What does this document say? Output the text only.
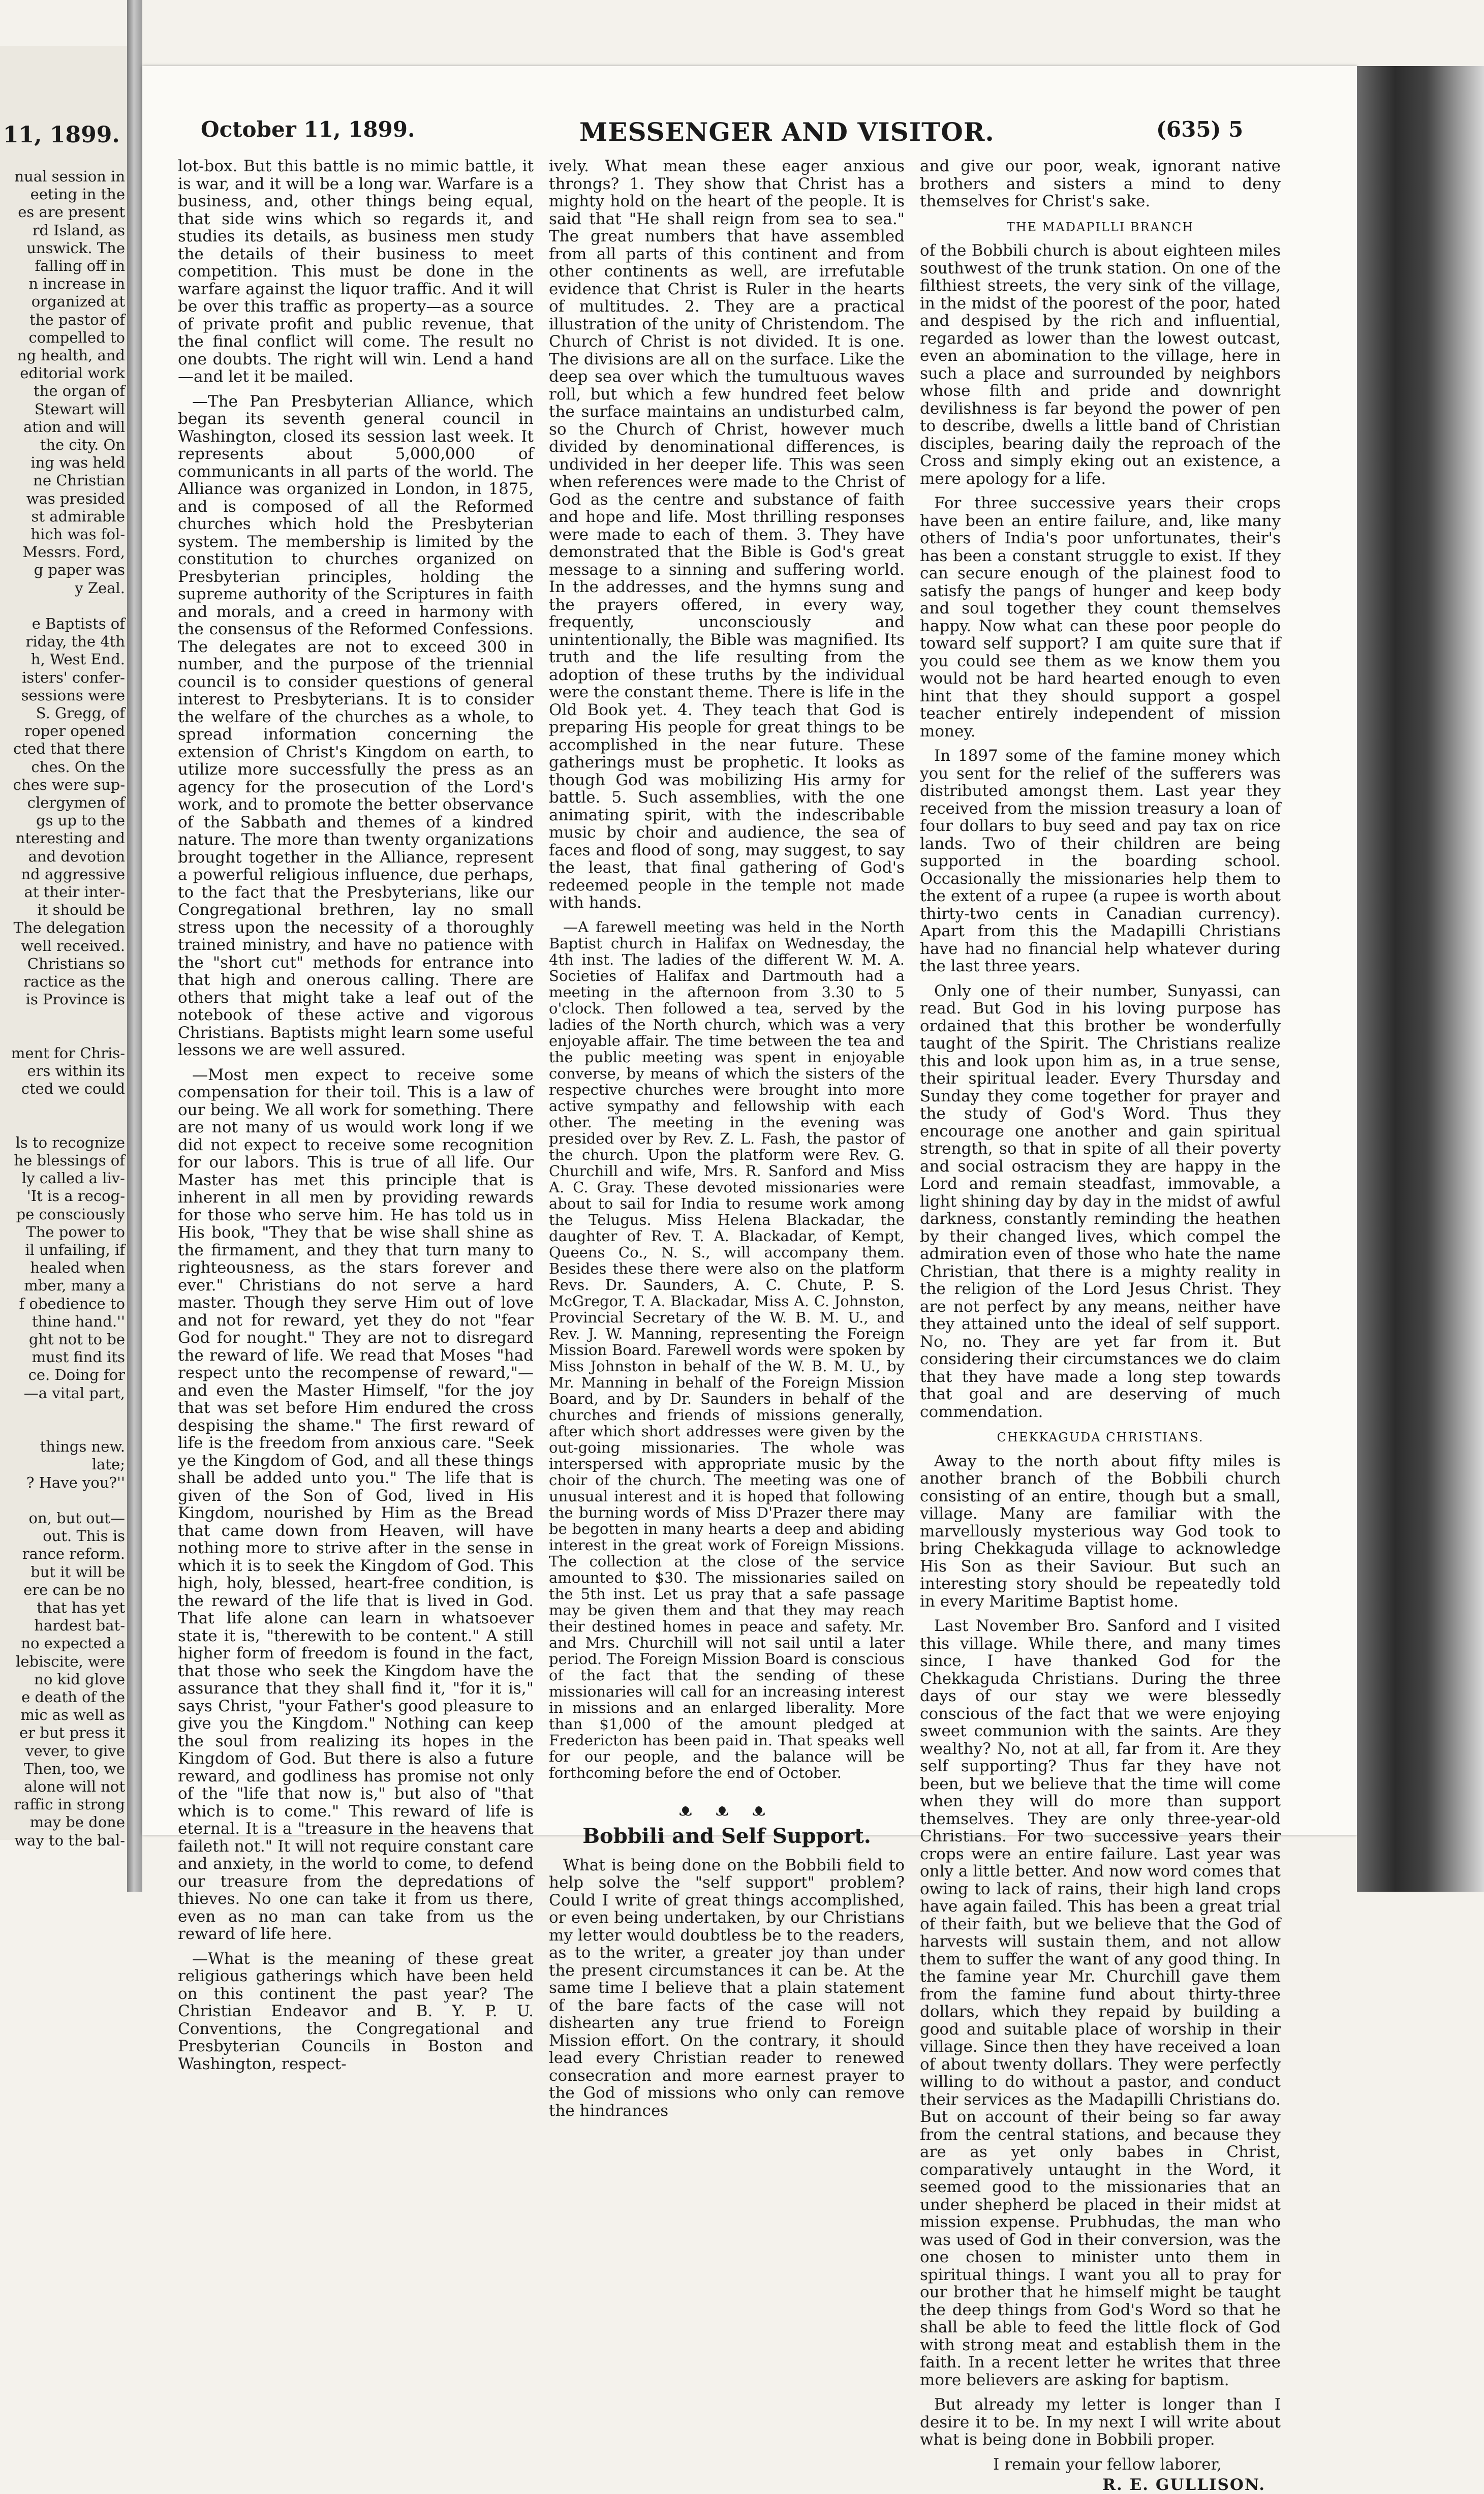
11, 1899.
nual session in
eeting in the
es are present
rd Island, as
unswick. The
falling off in
n increase in
organized at
the pastor of
compelled to
ng health, and
editorial work
the organ of
Stewart will
ation and will
the city. On
ing was held
ne Christian
was presided
st admirable
hich was fol-
Messrs. Ford,
g paper was
y Zeal.
e Baptists of
riday, the 4th
h, West End.
isters' confer-
sessions were
S. Gregg, of
roper opened
cted that there
ches. On the
ches were sup-
clergymen of
gs up to the
nteresting and
and devotion
nd aggressive
at their inter-
it should be
The delegation
well received.
Christians so
ractice as the
is Province is
ment for Chris-
ers within its
cted we could
ls to recognize
he blessings of
ly called a liv-
'It is a recog-
pe consciously
The power to
il unfailing, if
healed when
mber, many a
f obedience to
thine hand.''
ght not to be
must find its
ce. Doing for
—a vital part,
things new.
late;
? Have you?''
on, but out—
out. This is
rance reform.
but it will be
ere can be no
that has yet
hardest bat-
no expected a
lebiscite, were
no kid glove
e death of the
mic as well as
er but press it
vever, to give
Then, too, we
alone will not
raffic in strong
may be done
way to the bal-
October 11, 1899.	MESSENGER AND VISITOR.	(635) 5

lot-box. But this battle is no mimic battle, it is war, and it will be a long war. Warfare is a business, and, other things being equal, that side wins which so regards it, and studies its details, as business men study the details of their business to meet competition. This must be done in the warfare against the liquor traffic. And it will be over this traffic as property—as a source of private profit and public revenue, that the final conflict will come. The result no one doubts. The right will win. Lend a hand—and let it be mailed.

—The Pan Presbyterian Alliance, which began its seventh general council in Washington, closed its session last week. It represents about 5,000,000 of communicants in all parts of the world. The Alliance was organized in London, in 1875, and is composed of all the Reformed churches which hold the Presbyterian system. The membership is limited by the constitution to churches organized on Presbyterian principles, holding the supreme authority of the Scriptures in faith and morals, and a creed in harmony with the consensus of the Reformed Confessions. The delegates are not to exceed 300 in number, and the purpose of the triennial council is to consider questions of general interest to Presbyterians. It is to consider the welfare of the churches as a whole, to spread information concerning the extension of Christ's Kingdom on earth, to utilize more successfully the press as an agency for the prosecution of the Lord's work, and to promote the better observance of the Sabbath and themes of a kindred nature. The more than twenty organizations brought together in the Alliance, represent a powerful religious influence, due perhaps, to the fact that the Presbyterians, like our Congregational brethren, lay no small stress upon the necessity of a thoroughly trained ministry, and have no patience with the "short cut" methods for entrance into that high and onerous calling. There are others that might take a leaf out of the notebook of these active and vigorous Christians. Baptists might learn some useful lessons we are well assured.

—Most men expect to receive some compensation for their toil. This is a law of our being. We all work for something. There are not many of us would work long if we did not expect to receive some recognition for our labors. This is true of all life. Our Master has met this principle that is inherent in all men by providing rewards for those who serve him. He has told us in His book, "They that be wise shall shine as the firmament, and they that turn many to righteousness, as the stars forever and ever." Christians do not serve a hard master. Though they serve Him out of love and not for reward, yet they do not "fear God for nought." They are not to disregard the reward of life. We read that Moses "had respect unto the recompense of reward,"—and even the Master Himself, "for the joy that was set before Him endured the cross despising the shame." The first reward of life is the freedom from anxious care. "Seek ye the Kingdom of God, and all these things shall be added unto you." The life that is given of the Son of God, lived in His Kingdom, nourished by Him as the Bread that came down from Heaven, will have nothing more to strive after in the sense in which it is to seek the Kingdom of God. This high, holy, blessed, heart-free condition, is the reward of the life that is lived in God. That life alone can learn in whatsoever state it is, "therewith to be content." A still higher form of freedom is found in the fact, that those who seek the Kingdom have the assurance that they shall find it, "for it is," says Christ, "your Father's good pleasure to give you the Kingdom." Nothing can keep the soul from realizing its hopes in the Kingdom of God. But there is also a future reward, and godliness has promise not only of the "life that now is," but also of "that which is to come." This reward of life is eternal. It is a "treasure in the heavens that faileth not." It will not require constant care and anxiety, in the world to come, to defend our treasure from the depredations of thieves. No one can take it from us there, even as no man can take from us the reward of life here.

—What is the meaning of these great religious gatherings which have been held on this continent the past year? The Christian Endeavor and B. Y. P. U. Conventions, the Congregational and Presbyterian Councils in Boston and Washington, respect-

ively. What mean these eager anxious throngs? 1. They show that Christ has a mighty hold on the heart of the people. It is said that "He shall reign from sea to sea." The great numbers that have assembled from all parts of this continent and from other continents as well, are irrefutable evidence that Christ is Ruler in the hearts of multitudes. 2. They are a practical illustration of the unity of Christendom. The Church of Christ is not divided. It is one. The divisions are all on the surface. Like the deep sea over which the tumultuous waves roll, but which a few hundred feet below the surface maintains an undisturbed calm, so the Church of Christ, however much divided by denominational differences, is undivided in her deeper life. This was seen when references were made to the Christ of God as the centre and substance of faith and hope and life. Most thrilling responses were made to each of them. 3. They have demonstrated that the Bible is God's great message to a sinning and suffering world. In the addresses, and the hymns sung and the prayers offered, in every way, frequently, unconsciously and unintentionally, the Bible was magnified. Its truth and the life resulting from the adoption of these truths by the individual were the constant theme. There is life in the Old Book yet. 4. They teach that God is preparing His people for great things to be accomplished in the near future. These gatherings must be prophetic. It looks as though God was mobilizing His army for battle. 5. Such assemblies, with the one animating spirit, with the indescribable music by choir and audience, the sea of faces and flood of song, may suggest, to say the least, that final gathering of God's redeemed people in the temple not made with hands.

—A farewell meeting was held in the North Baptist church in Halifax on Wednesday, the 4th inst. The ladies of the different W. M. A. Societies of Halifax and Dartmouth had a meeting in the afternoon from 3.30 to 5 o'clock. Then followed a tea, served by the ladies of the North church, which was a very enjoyable affair. The time between the tea and the public meeting was spent in enjoyable converse, by means of which the sisters of the respective churches were brought into more active sympathy and fellowship with each other. The meeting in the evening was presided over by Rev. Z. L. Fash, the pastor of the church. Upon the platform were Rev. G. Churchill and wife, Mrs. R. Sanford and Miss A. C. Gray. These devoted missionaries were about to sail for India to resume work among the Telugus. Miss Helena Blackadar, the daughter of Rev. T. A. Blackadar, of Kempt, Queens Co., N. S., will accompany them. Besides these there were also on the platform Revs. Dr. Saunders, A. C. Chute, P. S. McGregor, T. A. Blackadar, Miss A. C. Johnston, Provincial Secretary of the W. B. M. U., and Rev. J. W. Manning, representing the Foreign Mission Board. Farewell words were spoken by Miss Johnston in behalf of the W. B. M. U., by Mr. Manning in behalf of the Foreign Mission Board, and by Dr. Saunders in behalf of the churches and friends of missions generally, after which short addresses were given by the out-going missionaries. The whole was interspersed with appropriate music by the choir of the church. The meeting was one of unusual interest and it is hoped that following the burning words of Miss D'Prazer there may be begotten in many hearts a deep and abiding interest in the great work of Foreign Missions. The collection at the close of the service amounted to $30. The missionaries sailed on the 5th inst. Let us pray that a safe passage may be given them and that they may reach their destined homes in peace and safety. Mr. and Mrs. Churchill will not sail until a later period. The Foreign Mission Board is conscious of the fact that the sending of these missionaries will call for an increasing interest in missions and an enlarged liberality. More than $1,000 of the amount pledged at Fredericton has been paid in. That speaks well for our people, and the balance will be forthcoming before the end of October.

ᴥ ᴥ ᴥ
Bobbili and Self Support.

What is being done on the Bobbili field to help solve the "self support" problem? Could I write of great things accomplished, or even being undertaken, by our Christians my letter would doubtless be to the readers, as to the writer, a greater joy than under the present circumstances it can be. At the same time I believe that a plain statement of the bare facts of the case will not dishearten any true friend to Foreign Mission effort. On the contrary, it should lead every Christian reader to renewed consecration and more earnest prayer to the God of missions who only can remove the hindrances

and give our poor, weak, ignorant native brothers and sisters a mind to deny themselves for Christ's sake.

THE MADAPILLI BRANCH

of the Bobbili church is about eighteen miles southwest of the trunk station. On one of the filthiest streets, the very sink of the village, in the midst of the poorest of the poor, hated and despised by the rich and influential, regarded as lower than the lowest outcast, even an abomination to the village, here in such a place and surrounded by neighbors whose filth and pride and downright devilishness is far beyond the power of pen to describe, dwells a little band of Christian disciples, bearing daily the reproach of the Cross and simply eking out an existence, a mere apology for a life.

For three successive years their crops have been an entire failure, and, like many others of India's poor unfortunates, their's has been a constant struggle to exist. If they can secure enough of the plainest food to satisfy the pangs of hunger and keep body and soul together they count themselves happy. Now what can these poor people do toward self support? I am quite sure that if you could see them as we know them you would not be hard hearted enough to even hint that they should support a gospel teacher entirely independent of mission money.

In 1897 some of the famine money which you sent for the relief of the sufferers was distributed amongst them. Last year they received from the mission treasury a loan of four dollars to buy seed and pay tax on rice lands. Two of their children are being supported in the boarding school. Occasionally the missionaries help them to the extent of a rupee (a rupee is worth about thirty-two cents in Canadian currency). Apart from this the Madapilli Christians have had no financial help whatever during the last three years.

Only one of their number, Sunyassi, can read. But God in his loving purpose has ordained that this brother be wonderfully taught of the Spirit. The Christians realize this and look upon him as, in a true sense, their spiritual leader. Every Thursday and Sunday they come together for prayer and the study of God's Word. Thus they encourage one another and gain spiritual strength, so that in spite of all their poverty and social ostracism they are happy in the Lord and remain steadfast, immovable, a light shining day by day in the midst of awful darkness, constantly reminding the heathen by their changed lives, which compel the admiration even of those who hate the name Christian, that there is a mighty reality in the religion of the Lord Jesus Christ. They are not perfect by any means, neither have they attained unto the ideal of self support. No, no. They are yet far from it. But considering their circumstances we do claim that they have made a long step towards that goal and are deserving of much commendation.

CHEKKAGUDA CHRISTIANS.

Away to the north about fifty miles is another branch of the Bobbili church consisting of an entire, though but a small, village. Many are familiar with the marvellously mysterious way God took to bring Chekkaguda village to acknowledge His Son as their Saviour. But such an interesting story should be repeatedly told in every Maritime Baptist home.

Last November Bro. Sanford and I visited this village. While there, and many times since, I have thanked God for the Chekkaguda Christians. During the three days of our stay we were blessedly conscious of the fact that we were enjoying sweet communion with the saints. Are they wealthy? No, not at all, far from it. Are they self supporting? Thus far they have not been, but we believe that the time will come when they will do more than support themselves. They are only three-year-old Christians. For two successive years their crops were an entire failure. Last year was only a little better. And now word comes that owing to lack of rains, their high land crops have again failed. This has been a great trial of their faith, but we believe that the God of harvests will sustain them, and not allow them to suffer the want of any good thing. In the famine year Mr. Churchill gave them from the famine fund about thirty-three dollars, which they repaid by building a good and suitable place of worship in their village. Since then they have received a loan of about twenty dollars. They were perfectly willing to do without a pastor, and conduct their services as the Madapilli Christians do. But on account of their being so far away from the central stations, and because they are as yet only babes in Christ, comparatively untaught in the Word, it seemed good to the missionaries that an under shepherd be placed in their midst at mission expense. Prubhudas, the man who was used of God in their conversion, was the one chosen to minister unto them in spiritual things. I want you all to pray for our brother that he himself might be taught the deep things from God's Word so that he shall be able to feed the little flock of God with strong meat and establish them in the faith. In a recent letter he writes that three more believers are asking for baptism.

But already my letter is longer than I desire it to be. In my next I will write about what is being done in Bobbili proper.

I remain your fellow laborer,

R. E. GULLISON.
